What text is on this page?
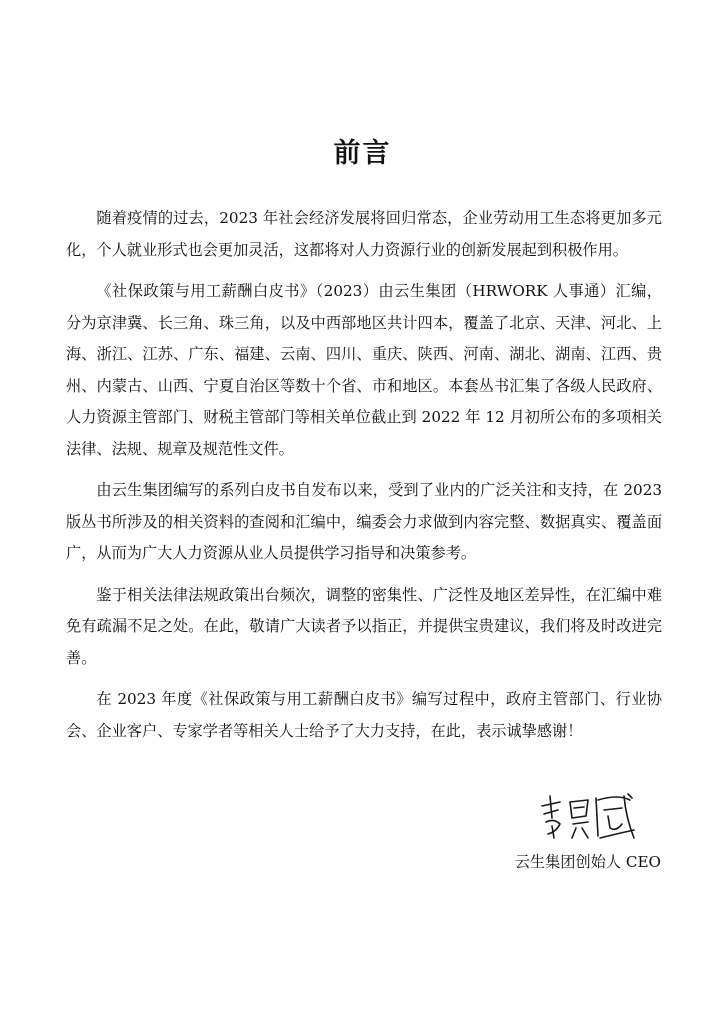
前言

随着疫情的过去，2023 年社会经济发展将回归常态，企业劳动用工生态将更加多元化，个人就业形式也会更加灵活，这都将对人力资源行业的创新发展起到积极作用。

《社保政策与用工薪酬白皮书》（2023）由云生集团（HRWORK 人事通）汇编，分为京津冀、长三角、珠三角，以及中西部地区共计四本，覆盖了北京、天津、河北、上海、浙江、江苏、广东、福建、云南、四川、重庆、陕西、河南、湖北、湖南、江西、贵州、内蒙古、山西、宁夏自治区等数十个省、市和地区。本套丛书汇集了各级人民政府、人力资源主管部门、财税主管部门等相关单位截止到 2022 年 12 月初所公布的多项相关法律、法规、规章及规范性文件。

由云生集团编写的系列白皮书自发布以来，受到了业内的广泛关注和支持，在 2023 版丛书所涉及的相关资料的查阅和汇编中，编委会力求做到内容完整、数据真实、覆盖面广，从而为广大人力资源从业人员提供学习指导和决策参考。

鉴于相关法律法规政策出台频次，调整的密集性、广泛性及地区差异性，在汇编中难免有疏漏不足之处。在此，敬请广大读者予以指正，并提供宝贵建议，我们将及时改进完善。

在 2023 年度《社保政策与用工薪酬白皮书》编写过程中，政府主管部门、行业协会、企业客户、专家学者等相关人士给予了大力支持，在此，表示诚挚感谢！

云生集团创始人 CEO
